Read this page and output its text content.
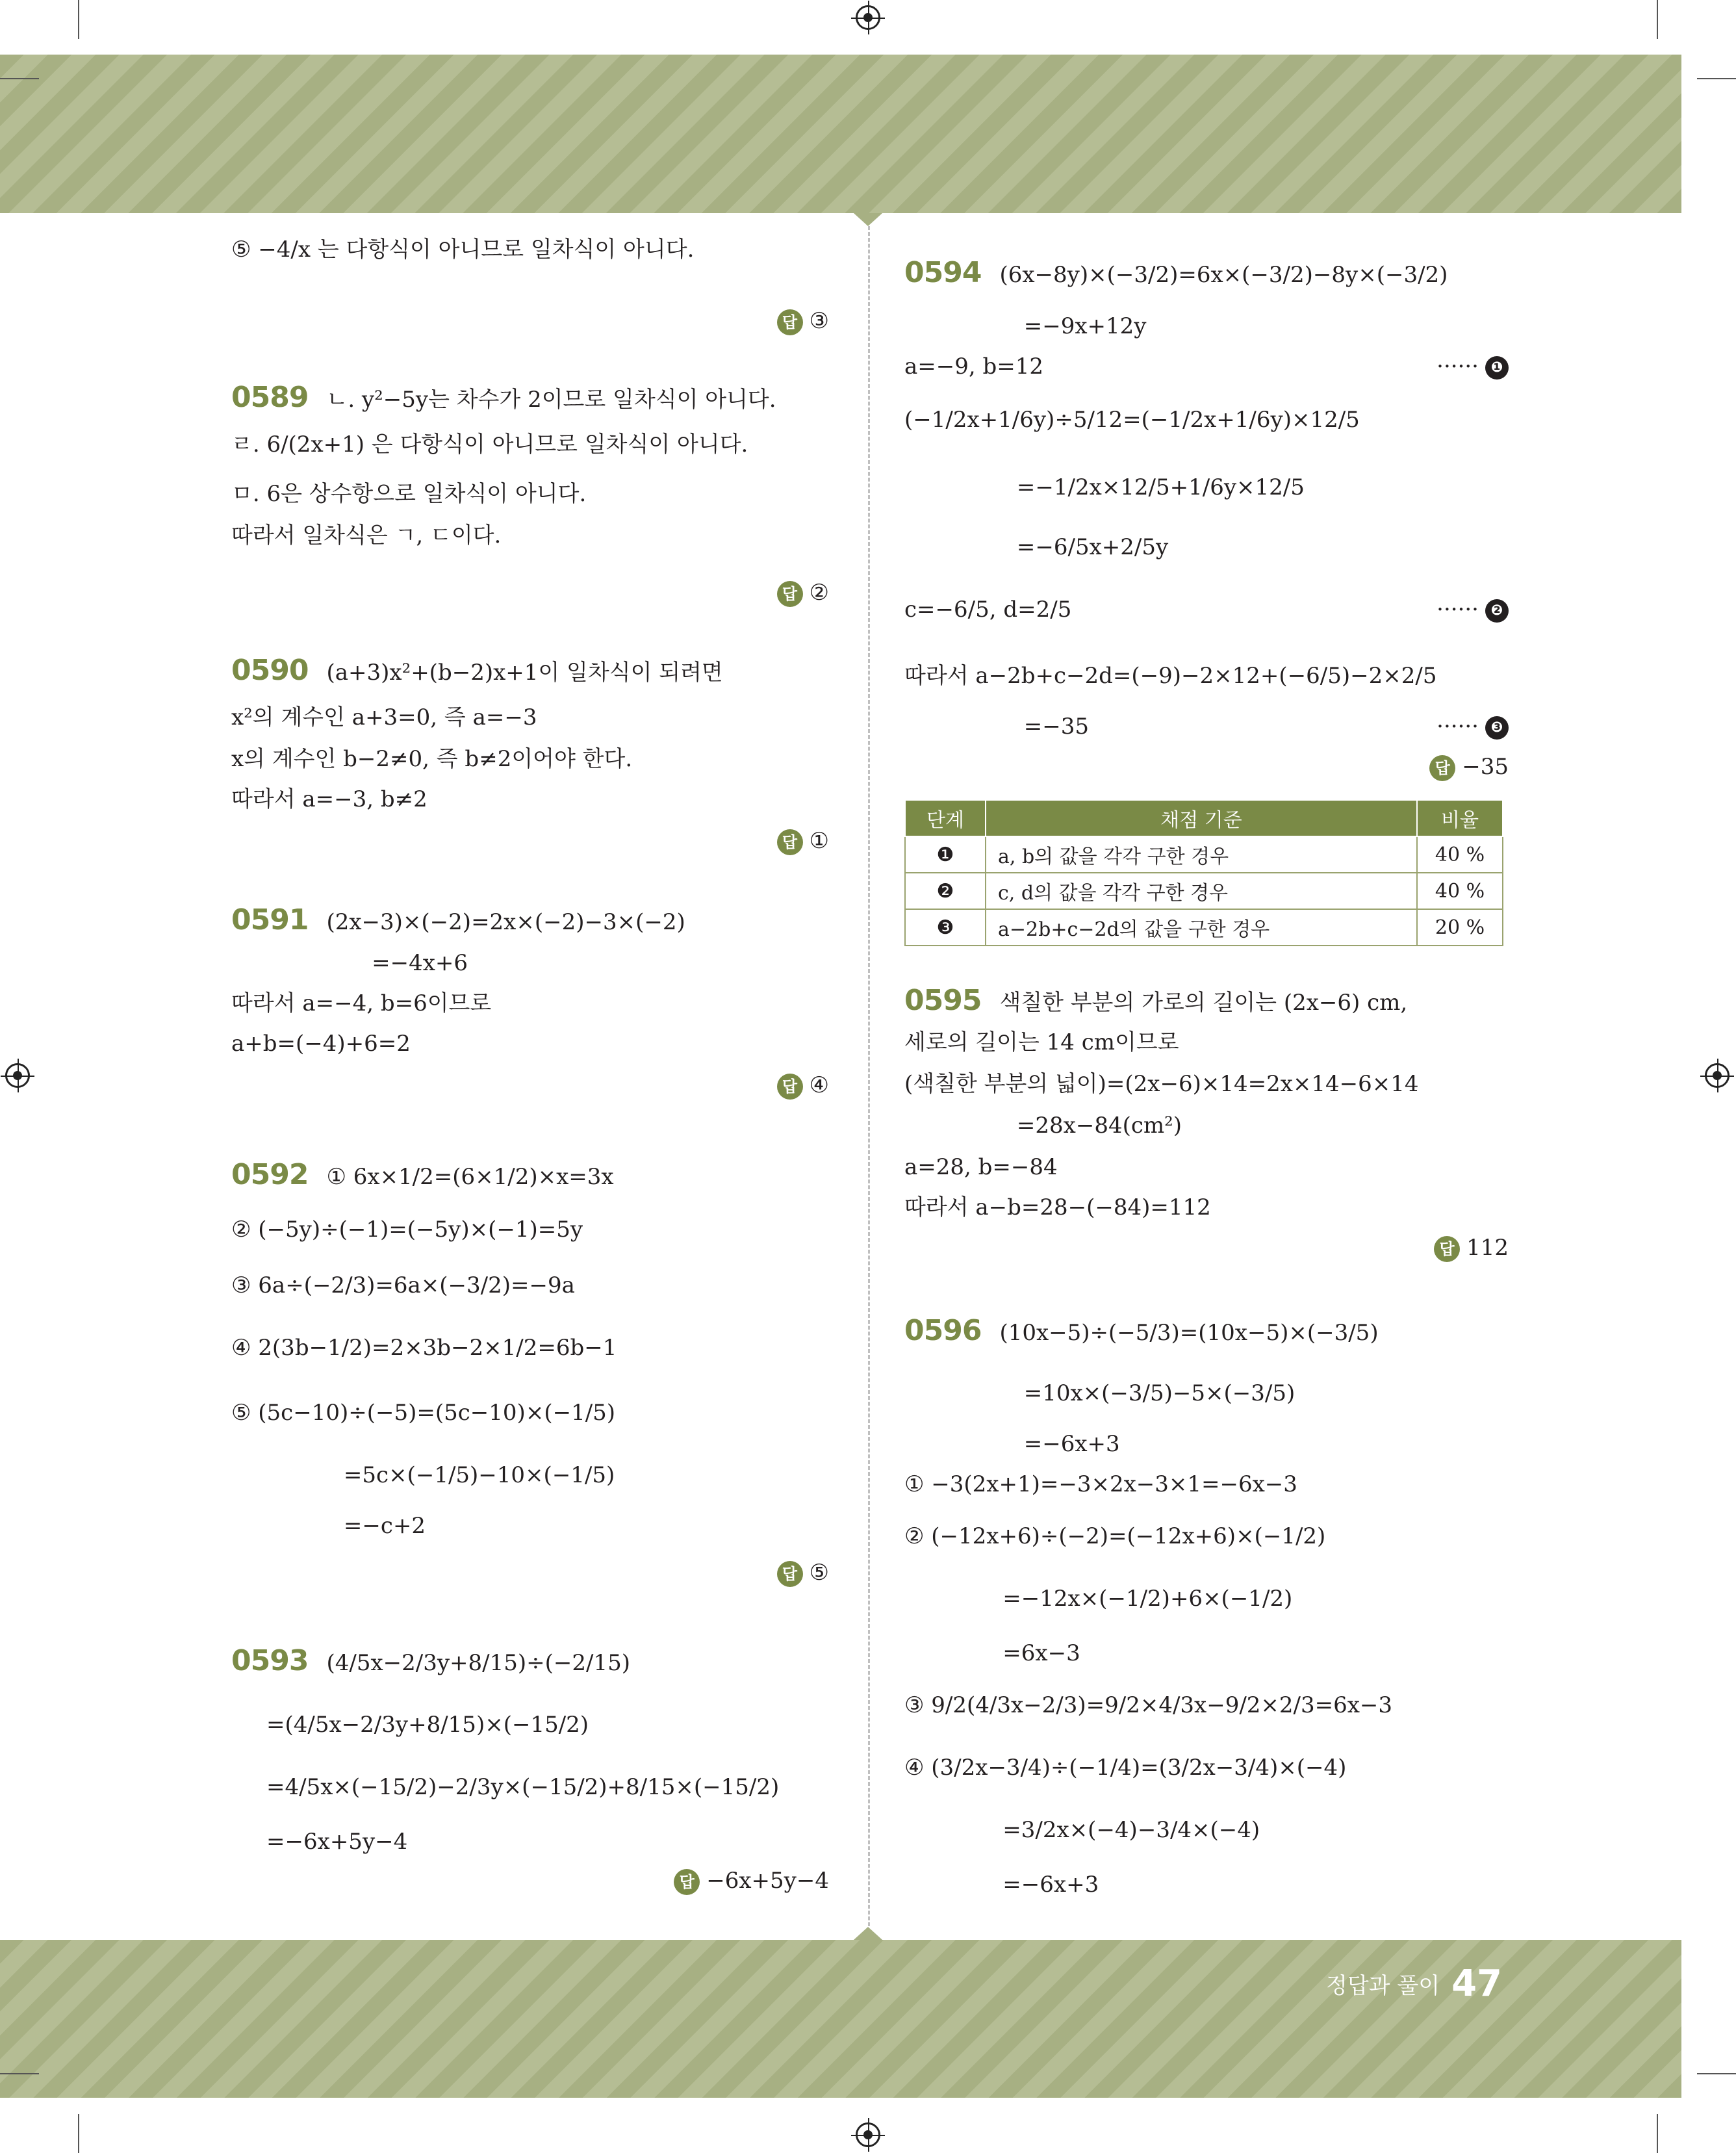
⑤ −4/x 는 다항식이 아니므로 일차식이 아니다.
답 ③
0589 ㄴ. y²−5y는 차수가 2이므로 일차식이 아니다.
ㄹ. 6/(2x+1) 은 다항식이 아니므로 일차식이 아니다.
ㅁ. 6은 상수항으로 일차식이 아니다.
따라서 일차식은 ㄱ, ㄷ이다.
답 ②
0590 (a+3)x²+(b−2)x+1이 일차식이 되려면
x²의 계수인 a+3=0, 즉 a=−3
x의 계수인 b−2≠0, 즉 b≠2이어야 한다.
따라서 a=−3, b≠2
답 ①
0591 (2x−3)×(−2)=2x×(−2)−3×(−2)
=−4x+6
따라서 a=−4, b=6이므로
a+b=(−4)+6=2
답 ④
0592 ① 6x×1/2=(6×1/2)×x=3x
② (−5y)÷(−1)=(−5y)×(−1)=5y
③ 6a÷(−2/3)=6a×(−3/2)=−9a
④ 2(3b−1/2)=2×3b−2×1/2=6b−1
⑤ (5c−10)÷(−5)=(5c−10)×(−1/5)
=5c×(−1/5)−10×(−1/5)
=−c+2
답 ⑤
0593 (4/5x−2/3y+8/15)÷(−2/15)
=(4/5x−2/3y+8/15)×(−15/2)
=4/5x×(−15/2)−2/3y×(−15/2)+8/15×(−15/2)
=−6x+5y−4
답 −6x+5y−4
0594 (6x−8y)×(−3/2)=6x×(−3/2)−8y×(−3/2)
=−9x+12y
a=−9, b=12	······ ❶
(−1/2x+1/6y)÷5/12=(−1/2x+1/6y)×12/5
=−1/2x×12/5+1/6y×12/5
=−6/5x+2/5y
c=−6/5, d=2/5	······ ❷
따라서 a−2b+c−2d=(−9)−2×12+(−6/5)−2×2/5
=−35	······ ❸
답 −35
0595 색칠한 부분의 가로의 길이는 (2x−6) cm,
세로의 길이는 14 cm이므로
(색칠한 부분의 넓이)=(2x−6)×14=2x×14−6×14
=28x−84(cm²)
a=28, b=−84
따라서 a−b=28−(−84)=112
답 112
0596 (10x−5)÷(−5/3)=(10x−5)×(−3/5)
=10x×(−3/5)−5×(−3/5)
=−6x+3
① −3(2x+1)=−3×2x−3×1=−6x−3
② (−12x+6)÷(−2)=(−12x+6)×(−1/2)
=−12x×(−1/2)+6×(−1/2)
=6x−3
③ 9/2(4/3x−2/3)=9/2×4/3x−9/2×2/3=6x−3
④ (3/2x−3/4)÷(−1/4)=(3/2x−3/4)×(−4)
=3/2x×(−4)−3/4×(−4)
=−6x+3
단계	채점 기준	비율
❶	a, b의 값을 각각 구한 경우	40 %
❷	c, d의 값을 각각 구한 경우	40 %
❸	a−2b+c−2d의 값을 구한 경우	20 %
정답과 풀이 47
